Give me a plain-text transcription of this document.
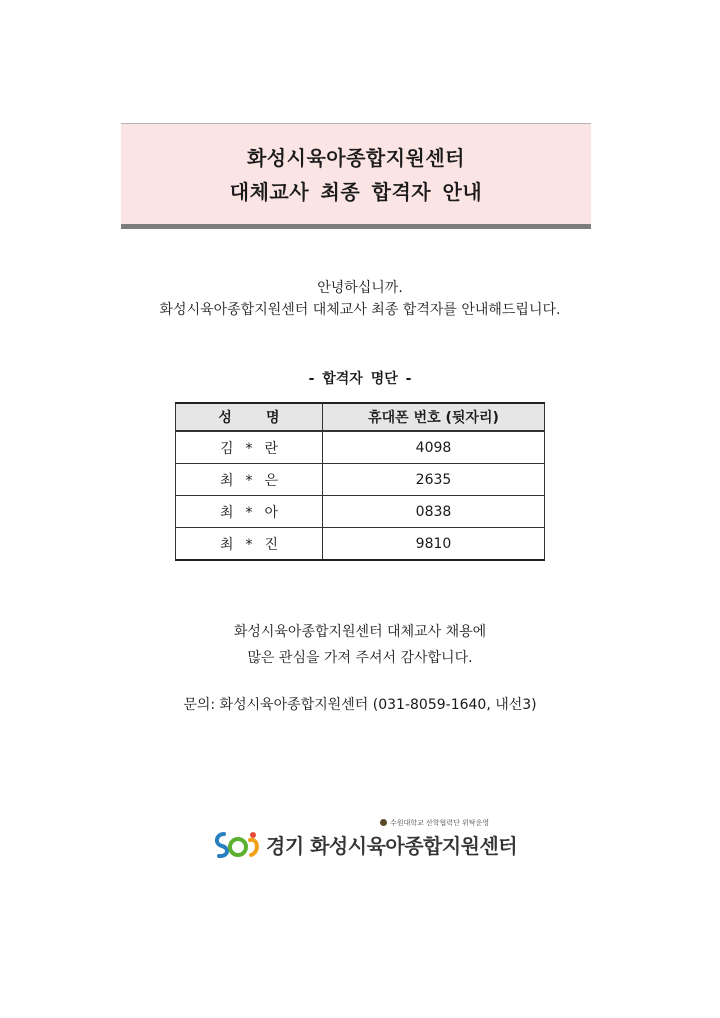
화성시육아종합지원센터
대체교사 최종 합격자 안내
안녕하십니까.
화성시육아종합지원센터 대체교사 최종 합격자를 안내해드립니다.
- 합격자 명단 -
성       명	휴대폰 번호 (뒷자리)
김 * 란	4098
최 * 은	2635
최 * 아	0838
최 * 진	9810
화성시육아종합지원센터 대체교사 채용에
많은 관심을 가져 주셔서 감사합니다.
문의: 화성시육아종합지원센터 (031-8059-1640, 내선3)
수원대학교 산학협력단 위탁운영
경기 화성시육아종합지원센터
